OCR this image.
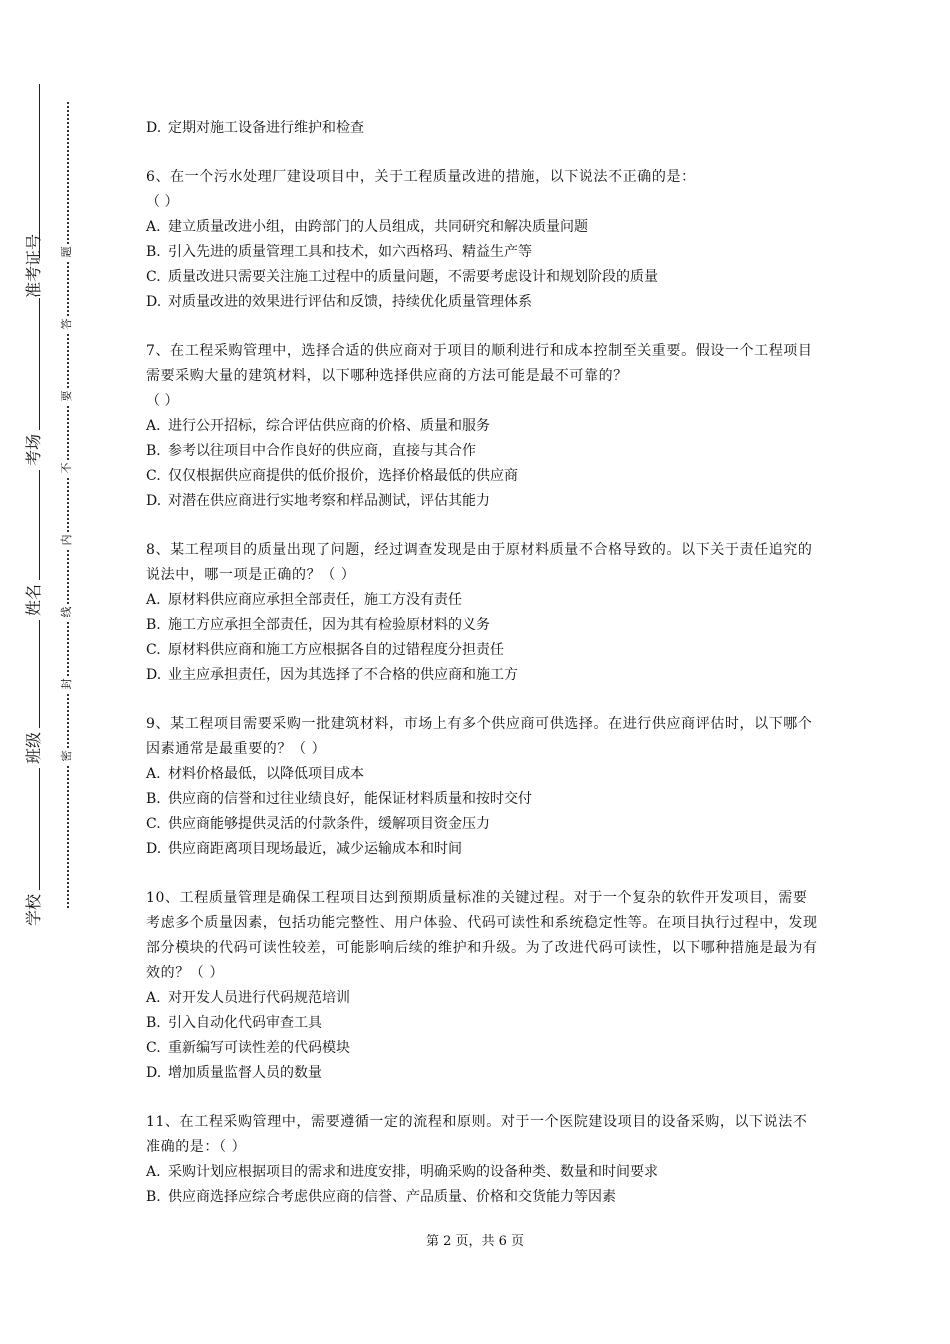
准考证号
考场
姓名
班级
学校
题
答
要
不
内
线
封
密
D. 定期对施工设备进行维护和检查
6、在一个污水处理厂建设项目中，关于工程质量改进的措施，以下说法不正确的是：
（ ）
A. 建立质量改进小组，由跨部门的人员组成，共同研究和解决质量问题
B. 引入先进的质量管理工具和技术，如六西格玛、精益生产等
C. 质量改进只需要关注施工过程中的质量问题，不需要考虑设计和规划阶段的质量
D. 对质量改进的效果进行评估和反馈，持续优化质量管理体系
7、在工程采购管理中，选择合适的供应商对于项目的顺利进行和成本控制至关重要。假设一个工程项目需要采购大量的建筑材料，以下哪种选择供应商的方法可能是最不可靠的？
（ ）
A. 进行公开招标，综合评估供应商的价格、质量和服务
B. 参考以往项目中合作良好的供应商，直接与其合作
C. 仅仅根据供应商提供的低价报价，选择价格最低的供应商
D. 对潜在供应商进行实地考察和样品测试，评估其能力
8、某工程项目的质量出现了问题，经过调查发现是由于原材料质量不合格导致的。以下关于责任追究的说法中，哪一项是正确的？（ ）
A. 原材料供应商应承担全部责任，施工方没有责任
B. 施工方应承担全部责任，因为其有检验原材料的义务
C. 原材料供应商和施工方应根据各自的过错程度分担责任
D. 业主应承担责任，因为其选择了不合格的供应商和施工方
9、某工程项目需要采购一批建筑材料，市场上有多个供应商可供选择。在进行供应商评估时，以下哪个因素通常是最重要的？（ ）
A. 材料价格最低，以降低项目成本
B. 供应商的信誉和过往业绩良好，能保证材料质量和按时交付
C. 供应商能够提供灵活的付款条件，缓解项目资金压力
D. 供应商距离项目现场最近，减少运输成本和时间
10、工程质量管理是确保工程项目达到预期质量标准的关键过程。对于一个复杂的软件开发项目，需要考虑多个质量因素，包括功能完整性、用户体验、代码可读性和系统稳定性等。在项目执行过程中，发现部分模块的代码可读性较差，可能影响后续的维护和升级。为了改进代码可读性，以下哪种措施是最为有效的？（ ）
A. 对开发人员进行代码规范培训
B. 引入自动化代码审查工具
C. 重新编写可读性差的代码模块
D. 增加质量监督人员的数量
11、在工程采购管理中，需要遵循一定的流程和原则。对于一个医院建设项目的设备采购，以下说法不准确的是：（ ）
A. 采购计划应根据项目的需求和进度安排，明确采购的设备种类、数量和时间要求
B. 供应商选择应综合考虑供应商的信誉、产品质量、价格和交货能力等因素
第 2 页，共 6 页
